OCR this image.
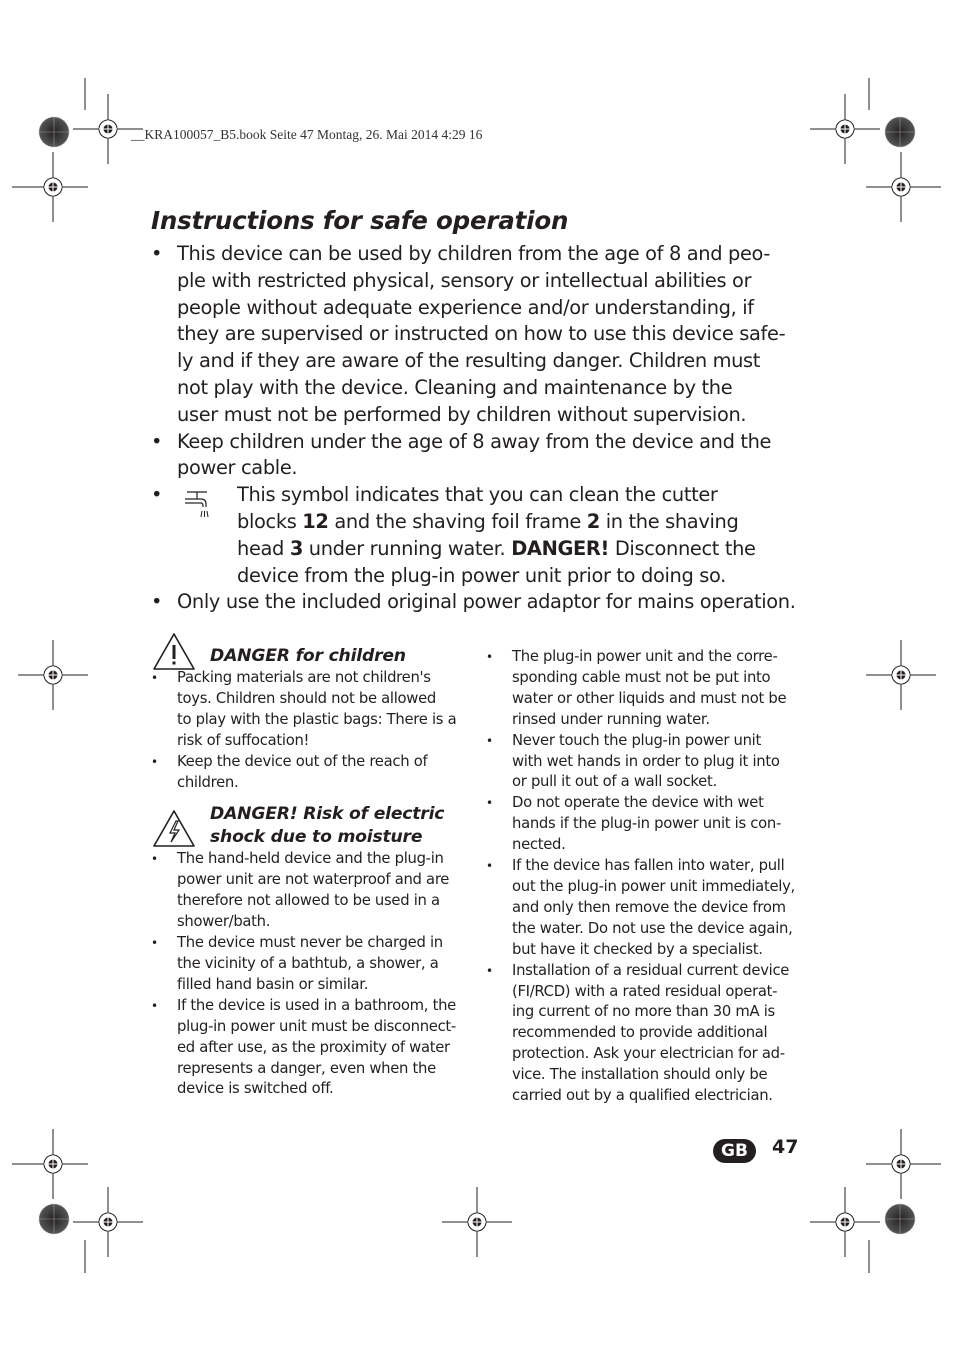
__KRA100057_B5.book Seite 47 Montag, 26. Mai 2014 4:29 16
Instructions for safe operation
• This device can be used by children from the age of 8 and peo-
ple with restricted physical, sensory or intellectual abilities or
people without adequate experience and/or understanding, if
they are supervised or instructed on how to use this device safe-
ly and if they are aware of the resulting danger. Children must
not play with the device. Cleaning and maintenance by the
user must not be performed by children without supervision.
• Keep children under the age of 8 away from the device and the
power cable.
• This symbol indicates that you can clean the cutter
blocks 12 and the shaving foil frame 2 in the shaving
head 3 under running water. DANGER! Disconnect the
device from the plug-in power unit prior to doing so.
• Only use the included original power adaptor for mains operation.
DANGER for children
• Packing materials are not children's
toys. Children should not be allowed
to play with the plastic bags: There is a
risk of suffocation!
• Keep the device out of the reach of
children.
DANGER! Risk of electric
shock due to moisture
• The hand-held device and the plug-in
power unit are not waterproof and are
therefore not allowed to be used in a
shower/bath.
• The device must never be charged in
the vicinity of a bathtub, a shower, a
filled hand basin or similar.
• If the device is used in a bathroom, the
plug-in power unit must be disconnect-
ed after use, as the proximity of water
represents a danger, even when the
device is switched off.
• The plug-in power unit and the corre-
sponding cable must not be put into
water or other liquids and must not be
rinsed under running water.
• Never touch the plug-in power unit
with wet hands in order to plug it into
or pull it out of a wall socket.
• Do not operate the device with wet
hands if the plug-in power unit is con-
nected.
• If the device has fallen into water, pull
out the plug-in power unit immediately,
and only then remove the device from
the water. Do not use the device again,
but have it checked by a specialist.
• Installation of a residual current device
(FI/RCD) with a rated residual operat-
ing current of no more than 30 mA is
recommended to provide additional
protection. Ask your electrician for ad-
vice. The installation should only be
carried out by a qualified electrician.
GB	47
